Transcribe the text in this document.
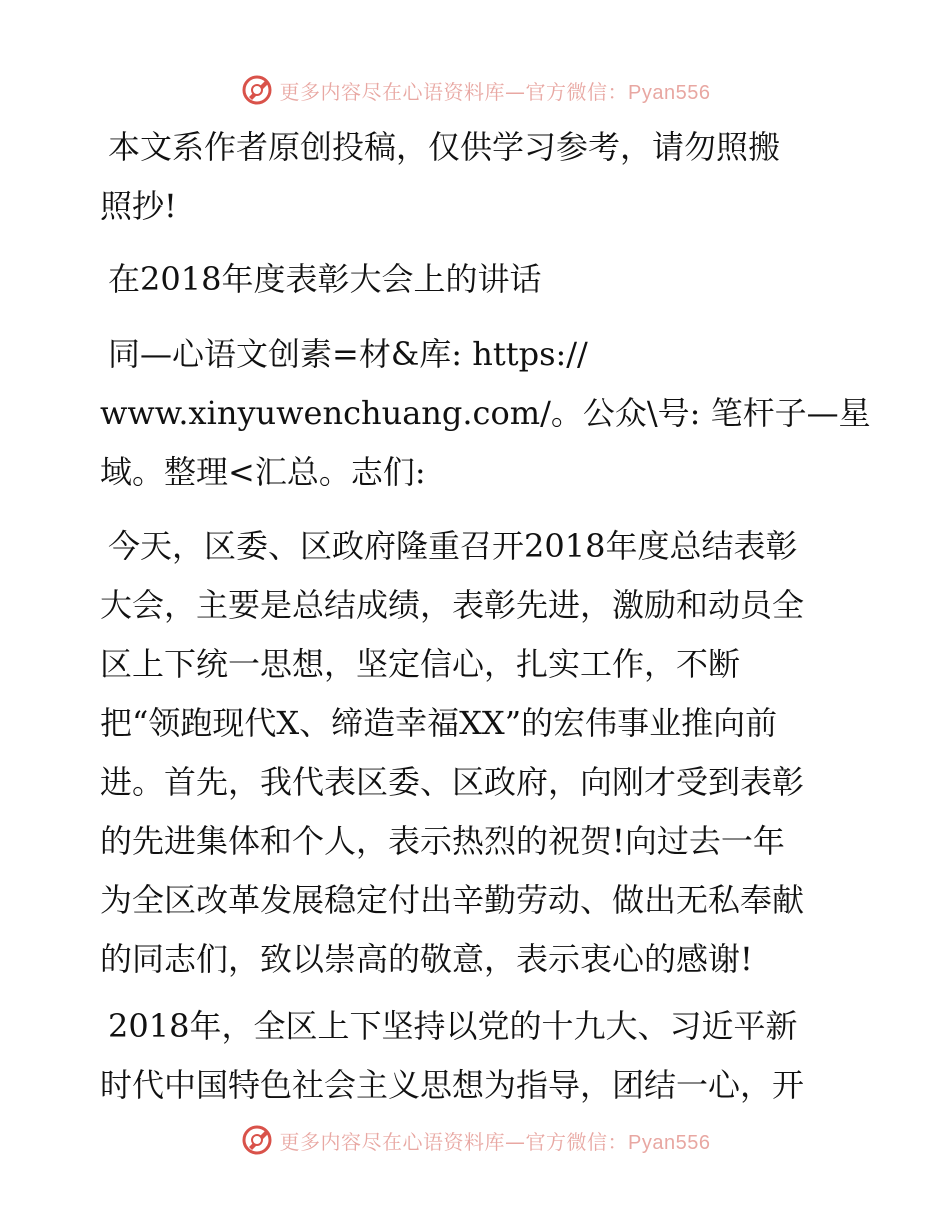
更多内容尽在心语资料库—官方微信：Pyan556
本文系作者原创投稿，仅供学习参考，请勿照搬
照抄!
在2018年度表彰大会上的讲话
同—心语文创素=材&库: https://
www.xinyuwenchuang.com/。公众\号: 笔杆子—星
域。整理<汇总。志们:
今天，区委、区政府隆重召开2018年度总结表彰
大会，主要是总结成绩，表彰先进，激励和动员全
区上下统一思想，坚定信心，扎实工作，不断
把“领跑现代X、缔造幸福XX”的宏伟事业推向前
进。首先，我代表区委、区政府，向刚才受到表彰
的先进集体和个人，表示热烈的祝贺!向过去一年
为全区改革发展稳定付出辛勤劳动、做出无私奉献
的同志们，致以崇高的敬意，表示衷心的感谢!
2018年，全区上下坚持以党的十九大、习近平新
时代中国特色社会主义思想为指导，团结一心，开
更多内容尽在心语资料库—官方微信：Pyan556
